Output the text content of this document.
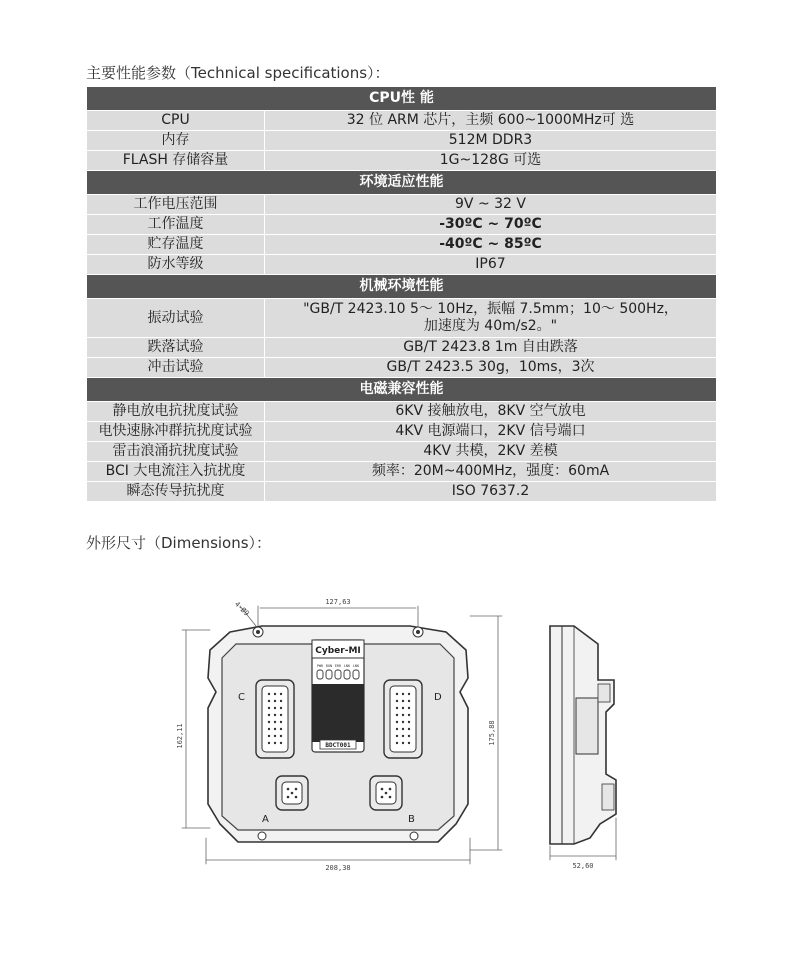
主要性能参数（Technical specifications）：
CPU性 能	
CPU	32 位 ARM 芯片，主频 600~1000MHz可 选
内存	512M DDR3
FLASH 存储容量	1G~128G 可选
环境适应性能	
工作电压范围	9V ~ 32 V
工作温度	-30ºC ~ 70ºC
贮存温度	-40ºC ~ 85ºC
防水等级	IP67
机械环境性能	
振动试验	"GB/T 2423.10 5～ 10Hz，振幅 7.5mm；10～ 500Hz，
加速度为 40m/s2。"

跌落试验	GB/T 2423.8 1m 自由跌落
冲击试验	GB/T 2423.5 30g，10ms，3次
电磁兼容性能	
静电放电抗扰度试验	6KV 接触放电，8KV 空气放电
电快速脉冲群抗扰度试验	4KV 电源端口，2KV 信号端口
雷击浪涌抗扰度试验	4KV 共模，2KV 差模
BCI 大电流注入抗扰度	频率：20M~400MHz，强度：60mA
瞬态传导抗扰度	ISO 7637.2
外形尺寸（Dimensions）：
127,63
4-Ø9
162,11	175,88
208,38
Cyber-MI
PWR RUN ERR LNK LNK
BDCT001
C	D
A	B
52,60
